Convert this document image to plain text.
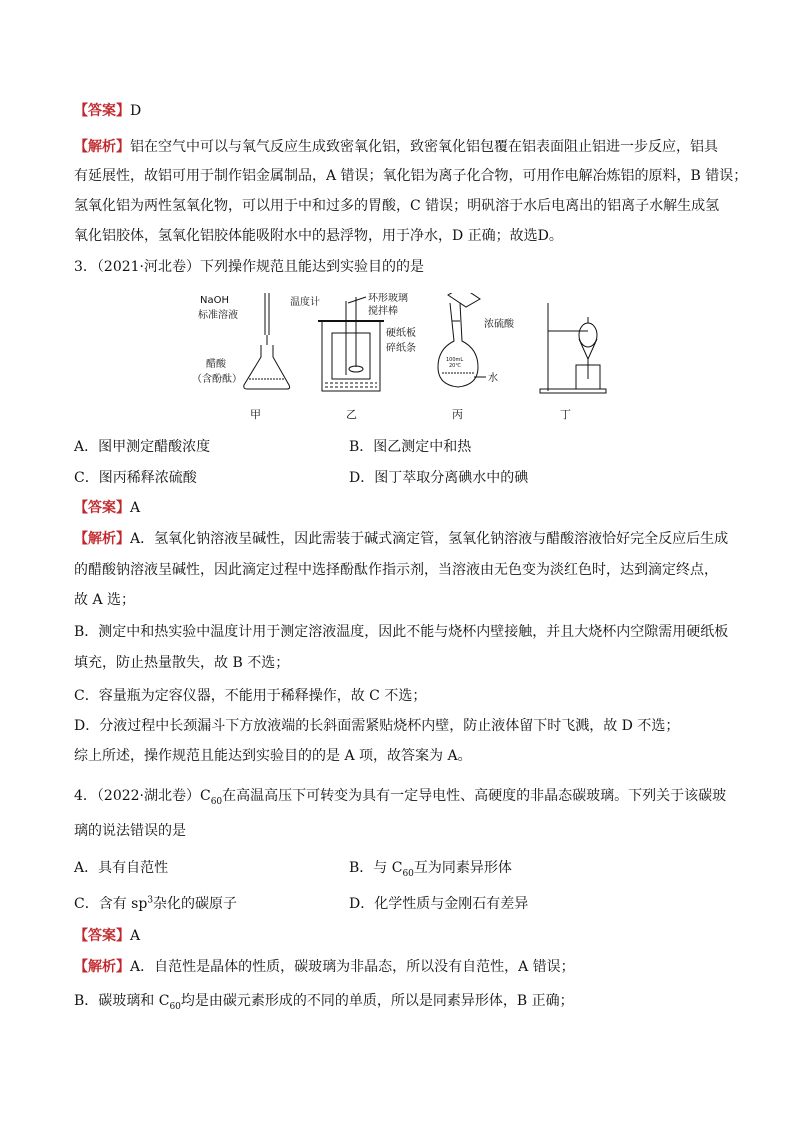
【答案】D
【解析】铝在空气中可以与氧气反应生成致密氧化铝，致密氧化铝包覆在铝表面阻止铝进一步反应，铝具
有延展性，故铝可用于制作铝金属制品，A 错误；氧化铝为离子化合物，可用作电解冶炼铝的原料，B 错误；
氢氧化铝为两性氢氧化物，可以用于中和过多的胃酸，C 错误；明矾溶于水后电离出的铝离子水解生成氢
氧化铝胶体，氢氧化铝胶体能吸附水中的悬浮物，用于净水，D 正确；故选D。
3．（2021·河北卷）下列操作规范且能达到实验目的的是
NaOH
标准溶液
醋酸
（含酚酞）
温度计	环形玻璃
搅拌棒
硬纸板
碎纸条
浓硫酸
水
100mL
20℃
甲	乙	丙	丁
A．图甲测定醋酸浓度	B．图乙测定中和热
C．图丙稀释浓硫酸	D．图丁萃取分离碘水中的碘
【答案】A
【解析】A．氢氧化钠溶液呈碱性，因此需装于碱式滴定管，氢氧化钠溶液与醋酸溶液恰好完全反应后生成
的醋酸钠溶液呈碱性，因此滴定过程中选择酚酞作指示剂，当溶液由无色变为淡红色时，达到滴定终点，
故 A 选；
B．测定中和热实验中温度计用于测定溶液温度，因此不能与烧杯内壁接触，并且大烧杯内空隙需用硬纸板
填充，防止热量散失，故 B 不选；
C．容量瓶为定容仪器，不能用于稀释操作，故 C 不选；
D．分液过程中长颈漏斗下方放液端的长斜面需紧贴烧杯内壁，防止液体留下时飞溅，故 D 不选；
综上所述，操作规范且能达到实验目的的是 A 项，故答案为 A。
4．（2022·湖北卷）$C_{60}$在高温高压下可转变为具有一定导电性、高硬度的非晶态碳玻璃。下列关于该碳玻
璃的说法错误的是
A．具有自范性	B．与 $C_{60}$互为同素异形体
C．含有 $sp^3$杂化的碳原子	D．化学性质与金刚石有差异
【答案】A
【解析】A．自范性是晶体的性质，碳玻璃为非晶态，所以没有自范性，A 错误；
B．碳玻璃和 $C_{60}$均是由碳元素形成的不同的单质，所以是同素异形体，B 正确；
